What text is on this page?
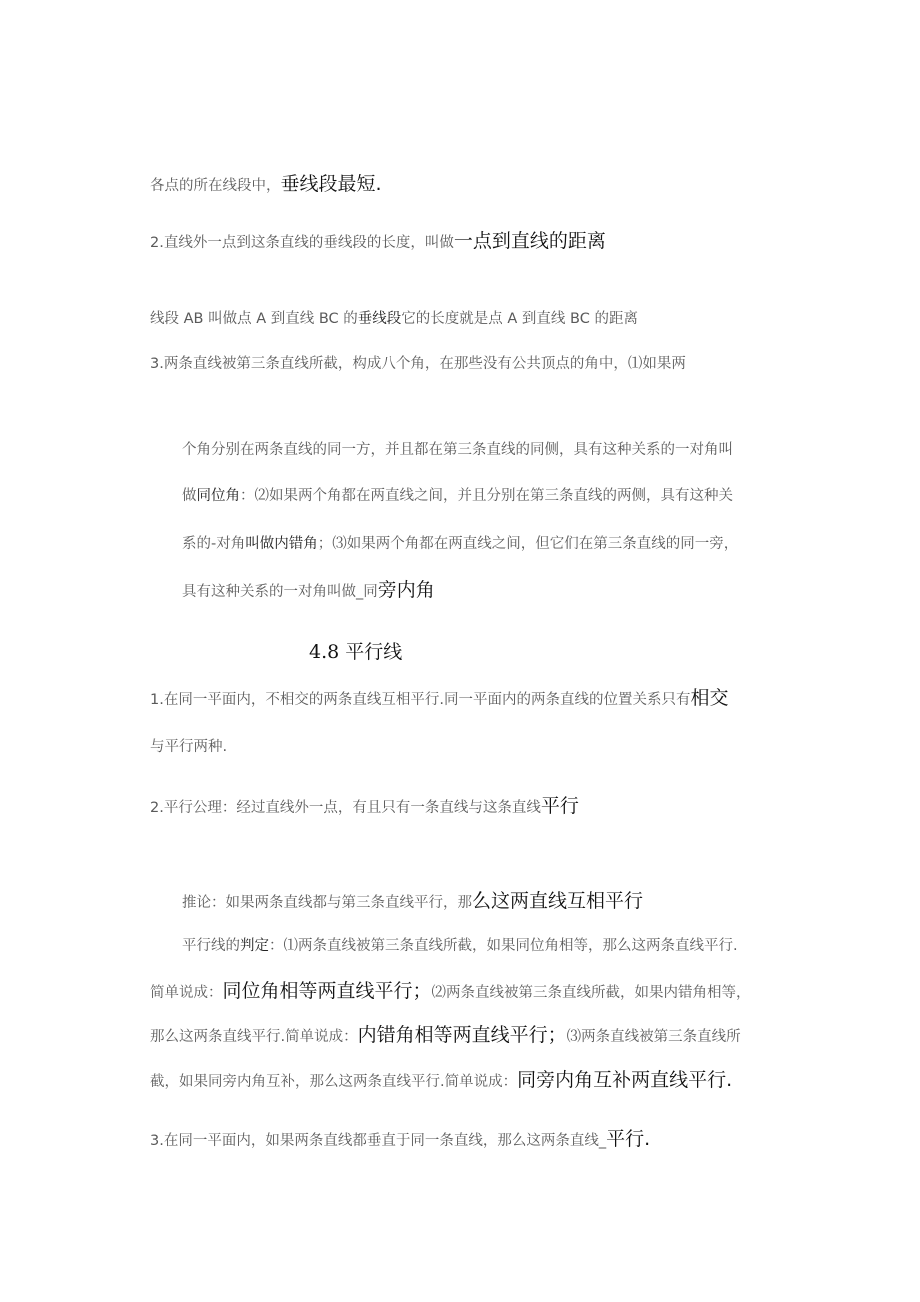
各点的所在线段中，垂线段最短.
2.直线外一点到这条直线的垂线段的长度，叫做一点到直线的距离
线段 AB 叫做点 A 到直线 BC 的垂线段它的长度就是点 A 到直线 BC 的距离
3.两条直线被第三条直线所截，构成八个角，在那些没有公共顶点的角中，⑴如果两
个角分别在两条直线的同一方，并且都在第三条直线的同侧，具有这种关系的一对角叫
做同位角：⑵如果两个角都在两直线之间，并且分别在第三条直线的两侧，具有这种关
系的-对角叫做内错角；⑶如果两个角都在两直线之间，但它们在第三条直线的同一旁，
具有这种关系的一对角叫做_同旁内角
4.8 平行线
1.在同一平面内，不相交的两条直线互相平行.同一平面内的两条直线的位置关系只有相交
与平行两种.
2.平行公理：经过直线外一点，有且只有一条直线与这条直线平行
推论：如果两条直线都与第三条直线平行，那么这两直线互相平行
平行线的判定：⑴两条直线被第三条直线所截，如果同位角相等，那么这两条直线平行.
简单说成：同位角相等两直线平行；⑵两条直线被第三条直线所截，如果内错角相等，
那么这两条直线平行.简单说成：内错角相等两直线平行；⑶两条直线被第三条直线所
截，如果同旁内角互补，那么这两条直线平行.简单说成：同旁内角互补两直线平行.
3.在同一平面内，如果两条直线都垂直于同一条直线，那么这两条直线_平行.
